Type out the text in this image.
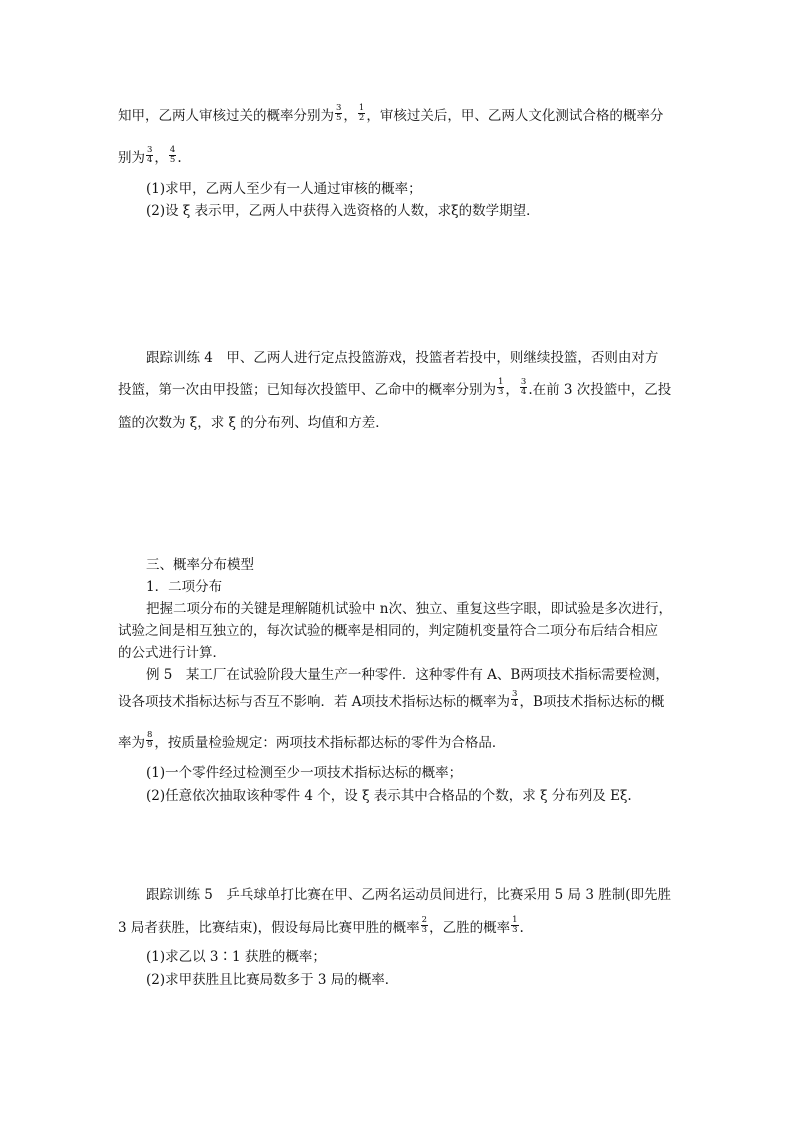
知甲，乙两人审核过关的概率分别为 $\frac{3}{5}$ ， $\frac{1}{2}$ ，审核过关后，甲、乙两人文化测试合格的概率分
别为 $\frac{3}{4}$ ， $\frac{4}{5}$ .
(1)求甲，乙两人至少有一人通过审核的概率；
(2)设 ξ 表示甲，乙两人中获得入选资格的人数，求ξ的数学期望．
跟踪训练 4　甲、乙两人进行定点投篮游戏，投篮者若投中，则继续投篮，否则由对方
投篮，第一次由甲投篮；已知每次投篮甲、乙命中的概率分别为 $\frac{1}{3}$ ， $\frac{3}{4}$ .在前 3 次投篮中，乙投
篮的次数为 ξ，求 ξ 的分布列、均值和方差．
三、概率分布模型
1．二项分布
把握二项分布的关键是理解随机试验中 n次、独立、重复这些字眼，即试验是多次进行，
试验之间是相互独立的，每次试验的概率是相同的，判定随机变量符合二项分布后结合相应
的公式进行计算．
例 5　某工厂在试验阶段大量生产一种零件．这种零件有 A、B两项技术指标需要检测，
设各项技术指标达标与否互不影响．若 A项技术指标达标的概率为 $\frac{3}{4}$ ，B项技术指标达标的概
率为 $\frac{8}{9}$ ，按质量检验规定：两项技术指标都达标的零件为合格品．
(1)一个零件经过检测至少一项技术指标达标的概率；
(2)任意依次抽取该种零件 4 个，设 ξ 表示其中合格品的个数，求 ξ 分布列及 Eξ.
跟踪训练 5　乒乓球单打比赛在甲、乙两名运动员间进行，比赛采用 5 局 3 胜制(即先胜
3 局者获胜，比赛结束)，假设每局比赛甲胜的概率 $\frac{2}{3}$ ，乙胜的概率 $\frac{1}{3}$ .
(1)求乙以 3∶1 获胜的概率；
(2)求甲获胜且比赛局数多于 3 局的概率．
